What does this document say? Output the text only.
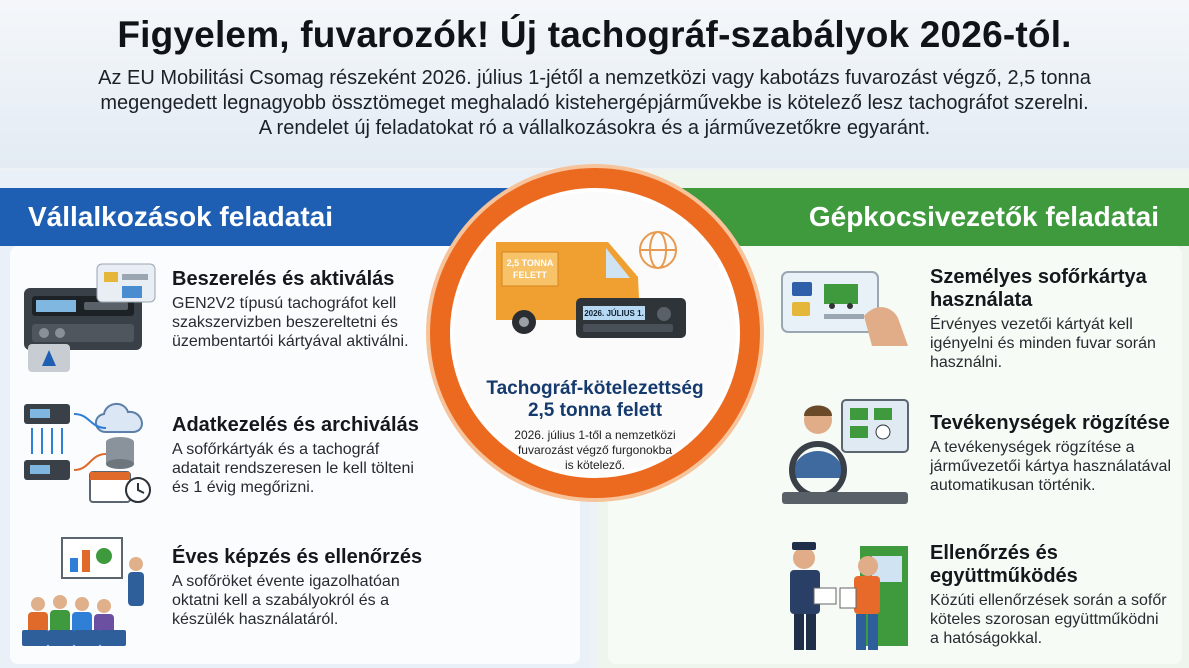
Figyelem, fuvarozók! Új tachográf-szabályok 2026-tól.
Az EU Mobilitási Csomag részeként 2026. július 1-jétől a nemzetközi vagy kabotázs fuvarozást végző, 2,5 tonna
megengedett legnagyobb össztömeget meghaladó kistehergépjárművekbe is kötelező lesz tachográfot szerelni.
A rendelet új feladatokat ró a vállalkozásokra és a járművezetőkre egyaránt.
Vállalkozások feladatai	Gépkocsivezetők feladatai
Beszerelés és aktiválás

GEN2V2 típusú tachográfot kell
szakszervizben beszereltetni és
üzembentartói kártyával aktiválni.

Adatkezelés és archiválás

A sofőrkártyák és a tachográf
adatait rendszeresen le kell tölteni
és 1 évig megőrizni.

Éves képzés és ellenőrzés

A sofőröket évente igazolhatóan
oktatni kell a szabályokról és a
készülék használatáról.

2,5 TONNA
FELETT
2026. JÚLIUS 1.
Tachográf-kötelezettség
2,5 tonna felett
2026. július 1-től a nemzetközi
fuvarozást végző furgonokba
is kötelező.
Személyes sofőrkártya
használata

Érvényes vezetői kártyát kell
igényelni és minden fuvar során
használni.

Tevékenységek rögzítése

A tevékenységek rögzítése a
járművezetői kártya használatával
automatikusan történik.

Ellenőrzés és
együttműködés

Közúti ellenőrzések során a sofőr
köteles szorosan együttműködni
a hatóságokkal.
